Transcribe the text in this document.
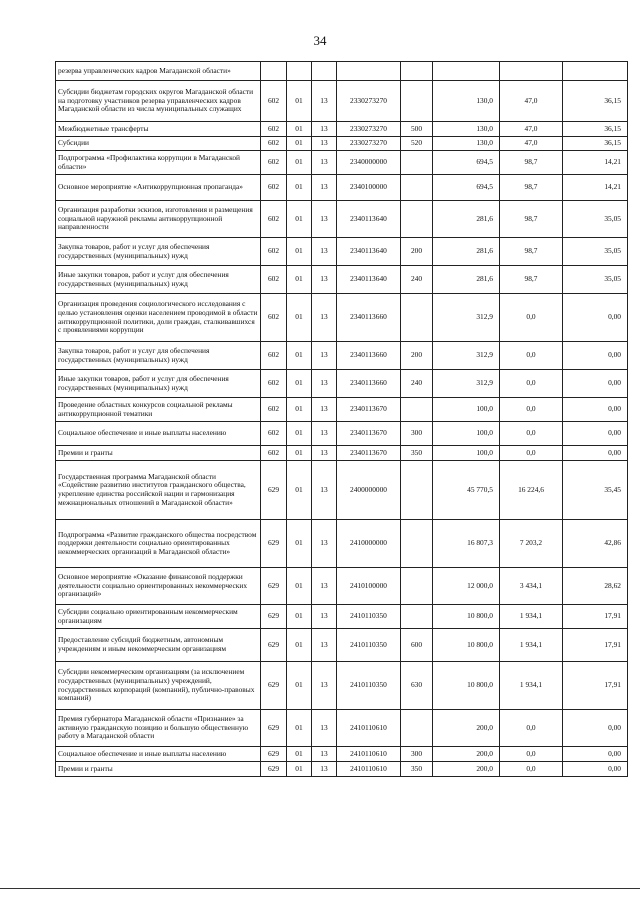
34
резерва управленческих кадров Магаданской области»								
Субсидии бюджетам городских округов Магаданской области на подготовку участников резерва управленческих кадров Магаданской области из числа муниципальных служащих	602	01	13	2330273270		130,0	47,0	36,15
Межбюджетные трансферты	602	01	13	2330273270	500	130,0	47,0	36,15
Субсидии	602	01	13	2330273270	520	130,0	47,0	36,15
Подпрограмма «Профилактика коррупции в Магаданской области»	602	01	13	2340000000		694,5	98,7	14,21
Основное мероприятие «Антикоррупционная пропаганда»	602	01	13	2340100000		694,5	98,7	14,21
Организация разработки эскизов, изготовления и размещения социальной наружной рекламы антикоррупционной направленности	602	01	13	2340113640		281,6	98,7	35,05
Закупка товаров, работ и услуг для обеспечения государственных (муниципальных) нужд	602	01	13	2340113640	200	281,6	98,7	35,05
Иные закупки товаров, работ и услуг для обеспечения государственных (муниципальных) нужд	602	01	13	2340113640	240	281,6	98,7	35,05
Организация проведения социологического исследования с целью установления оценки населением проводимой в области антикоррупционной политики, доли граждан, сталкивавшихся с проявлениями коррупции	602	01	13	2340113660		312,9	0,0	0,00
Закупка товаров, работ и услуг для обеспечения государственных (муниципальных) нужд	602	01	13	2340113660	200	312,9	0,0	0,00
Иные закупки товаров, работ и услуг для обеспечения государственных (муниципальных) нужд	602	01	13	2340113660	240	312,9	0,0	0,00
Проведение областных конкурсов социальной рекламы антикоррупционной тематики	602	01	13	2340113670		100,0	0,0	0,00
Социальное обеспечение и иные выплаты населению	602	01	13	2340113670	300	100,0	0,0	0,00
Премии и гранты	602	01	13	2340113670	350	100,0	0,0	0,00
Государственная программа Магаданской области «Содействие развитию институтов гражданского общества, укрепление единства российской нации и гармонизация межнациональных отношений в Магаданской области»	629	01	13	2400000000		45 770,5	16 224,6	35,45
Подпрограмма «Развитие гражданского общества посредством поддержки деятельности социально ориентированных некоммерческих организаций в Магаданской области»	629	01	13	2410000000		16 807,3	7 203,2	42,86
Основное мероприятие «Оказание финансовой поддержки деятельности социально ориентированных некоммерческих организаций»	629	01	13	2410100000		12 000,0	3 434,1	28,62
Субсидии социально ориентированным некоммерческим организациям	629	01	13	2410110350		10 800,0	1 934,1	17,91
Предоставление субсидий бюджетным, автономным учреждениям и иным некоммерческим организациям	629	01	13	2410110350	600	10 800,0	1 934,1	17,91
Субсидии некоммерческим организациям (за исключением государственных (муниципальных) учреждений, государственных корпораций (компаний), публично-правовых компаний)	629	01	13	2410110350	630	10 800,0	1 934,1	17,91
Премия губернатора Магаданской области «Признание» за активную гражданскую позицию и большую общественную работу в Магаданской области	629	01	13	2410110610		200,0	0,0	0,00
Социальное обеспечение и иные выплаты населению	629	01	13	2410110610	300	200,0	0,0	0,00
Премии и гранты	629	01	13	2410110610	350	200,0	0,0	0,00
